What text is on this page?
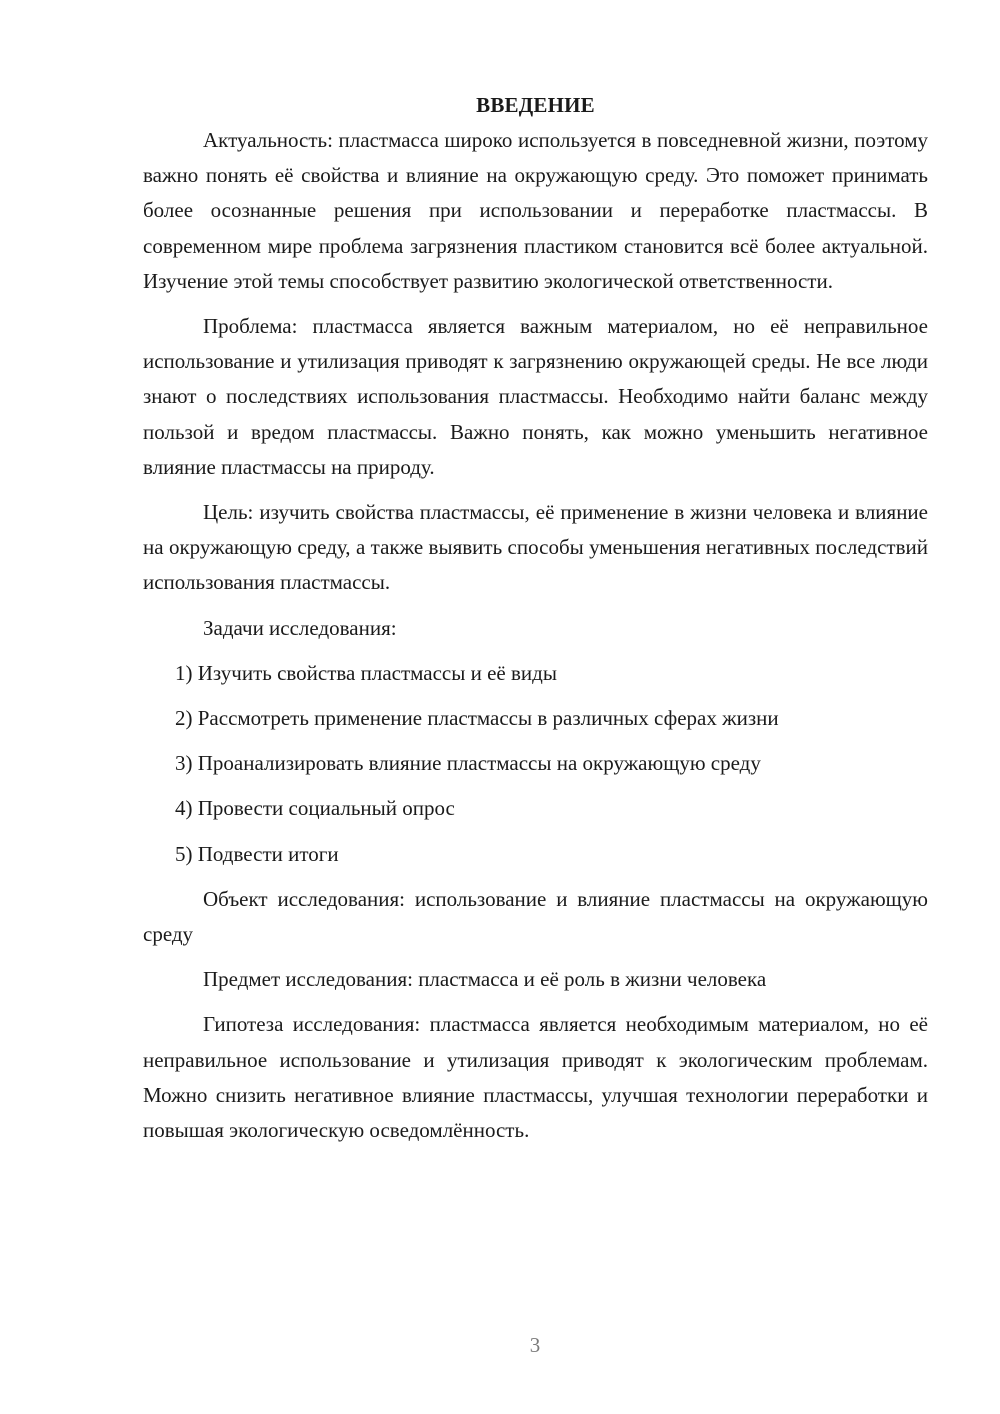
ВВЕДЕНИЕ

Актуальность: пластмасса широко используется в повседневной жизни, поэтому важно понять её свойства и влияние на окружающую среду. Это поможет принимать более осознанные решения при использовании и переработке пластмассы. В современном мире проблема загрязнения пластиком становится всё более актуальной. Изучение этой темы способствует развитию экологической ответственности.

Проблема: пластмасса является важным материалом, но её неправильное использование и утилизация приводят к загрязнению окружающей среды. Не все люди знают о последствиях использования пластмассы. Необходимо найти баланс между пользой и вредом пластмассы. Важно понять, как можно уменьшить негативное влияние пластмассы на природу.

Цель: изучить свойства пластмассы, её применение в жизни человека и влияние на окружающую среду, а также выявить способы уменьшения негативных последствий использования пластмассы.

Задачи исследования:

1) Изучить свойства пластмассы и её виды
2) Рассмотреть применение пластмассы в различных сферах жизни
3) Проанализировать влияние пластмассы на окружающую среду
4) Провести социальный опрос
5) Подвести итоги

Объект исследования: использование и влияние пластмассы на окружающую среду

Предмет исследования: пластмасса и её роль в жизни человека

Гипотеза исследования: пластмасса является необходимым материалом, но её неправильное использование и утилизация приводят к экологическим проблемам. Можно снизить негативное влияние пластмассы, улучшая технологии переработки и повышая экологическую осведомлённость.

3
